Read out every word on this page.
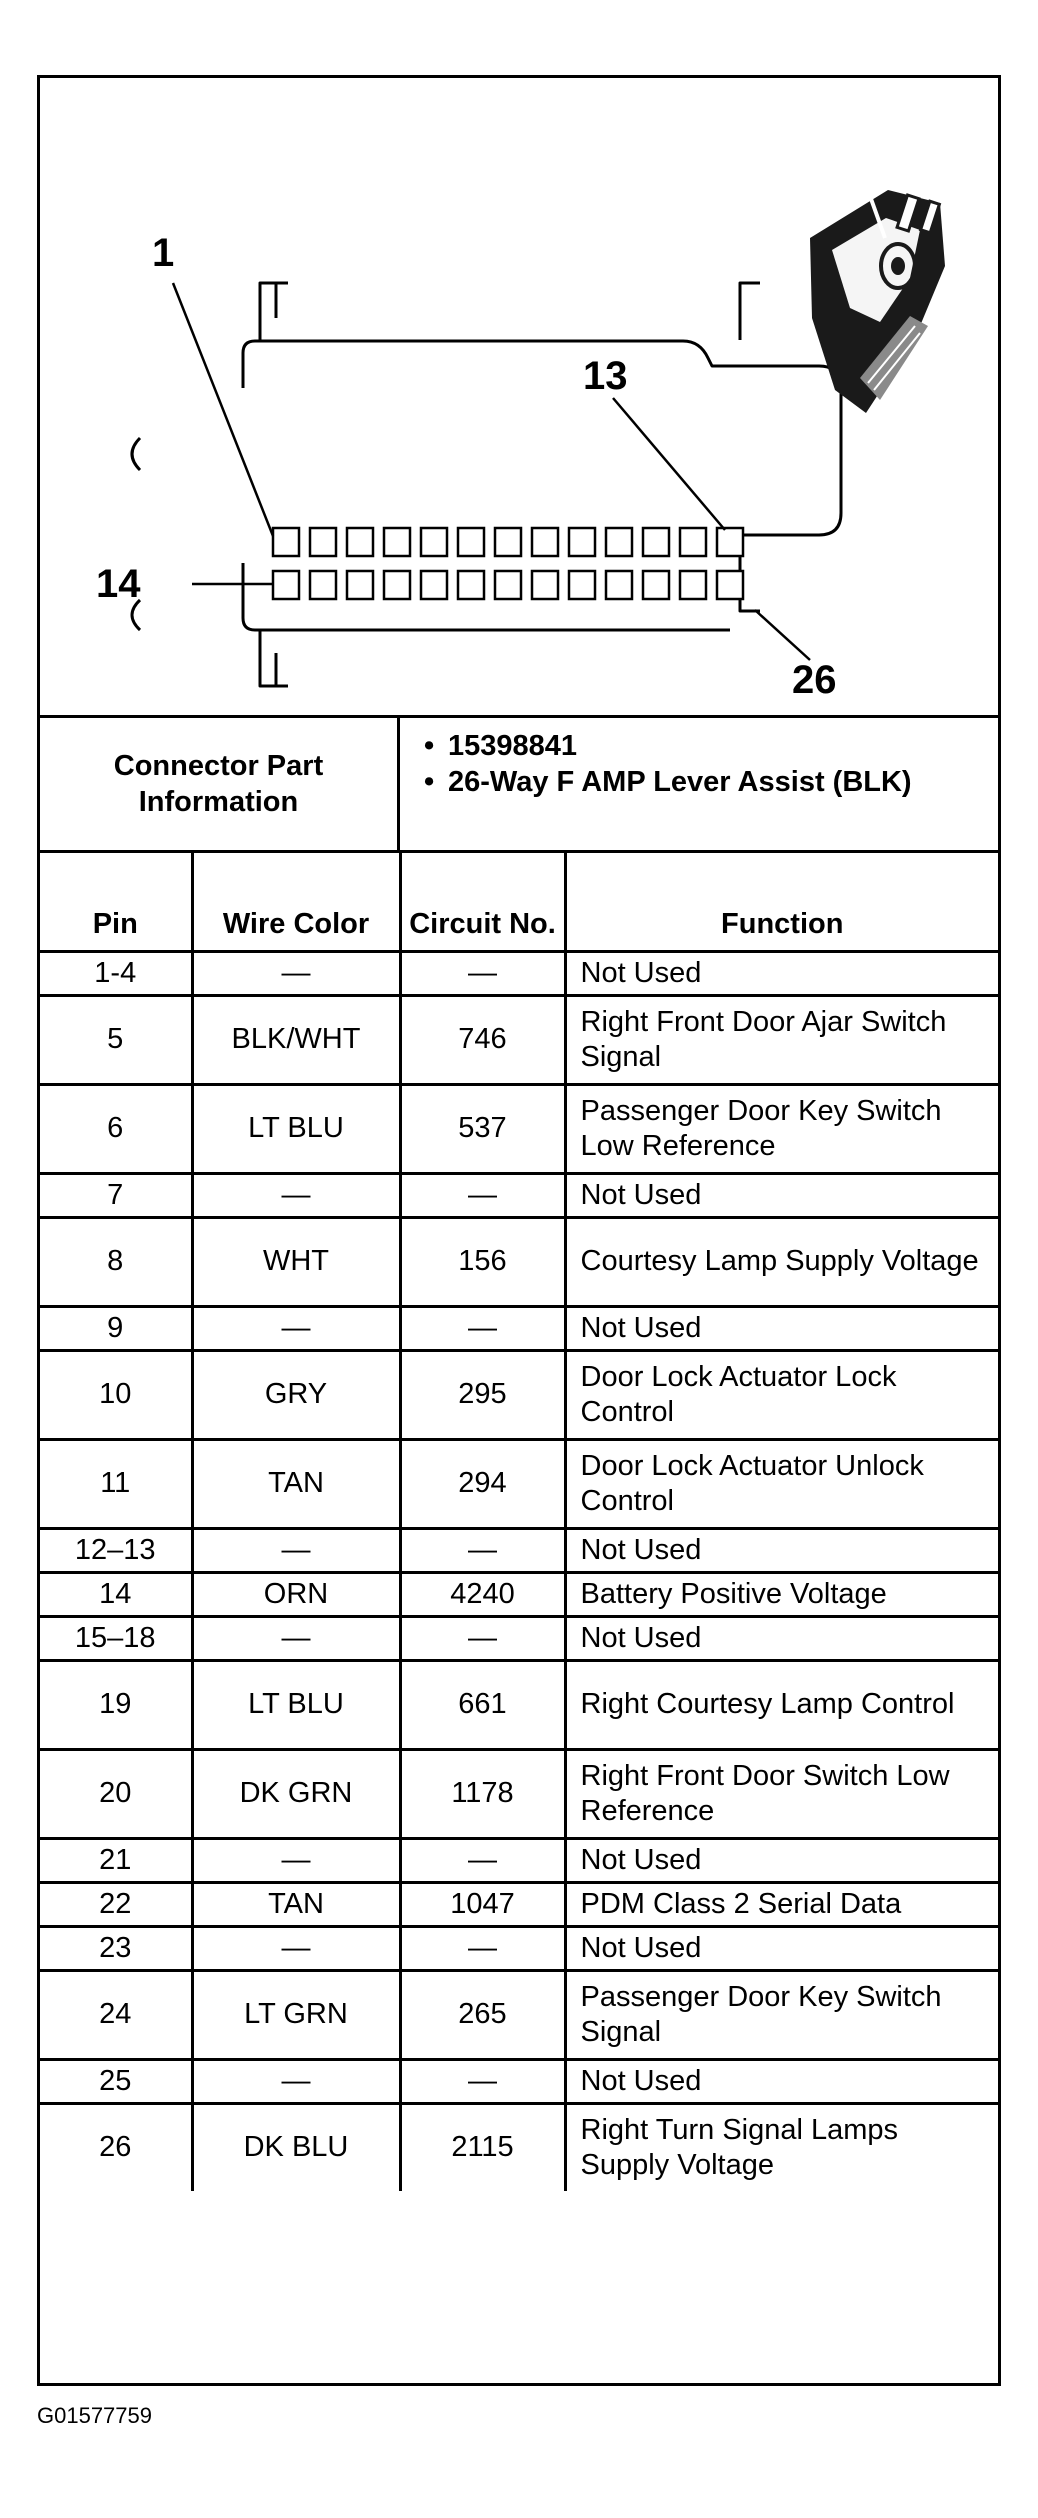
1
13
14
26
Connector Part Information
• 15398841
• 26-Way F AMP Lever Assist (BLK)
Pin	Wire Color	Circuit No.	Function
1-4	—	—	Not Used
5	BLK/WHT	746	Right Front Door Ajar Switch Signal
6	LT BLU	537	Passenger Door Key Switch Low Reference
7	—	—	Not Used
8	WHT	156	Courtesy Lamp Supply Voltage
9	—	—	Not Used
10	GRY	295	Door Lock Actuator Lock Control
11	TAN	294	Door Lock Actuator Unlock Control
12–13	—	—	Not Used
14	ORN	4240	Battery Positive Voltage
15–18	—	—	Not Used
19	LT BLU	661	Right Courtesy Lamp Control
20	DK GRN	1178	Right Front Door Switch Low Reference
21	—	—	Not Used
22	TAN	1047	PDM Class 2 Serial Data
23	—	—	Not Used
24	LT GRN	265	Passenger Door Key Switch Signal
25	—	—	Not Used
26	DK BLU	2115	Right Turn Signal Lamps Supply Voltage
G01577759
